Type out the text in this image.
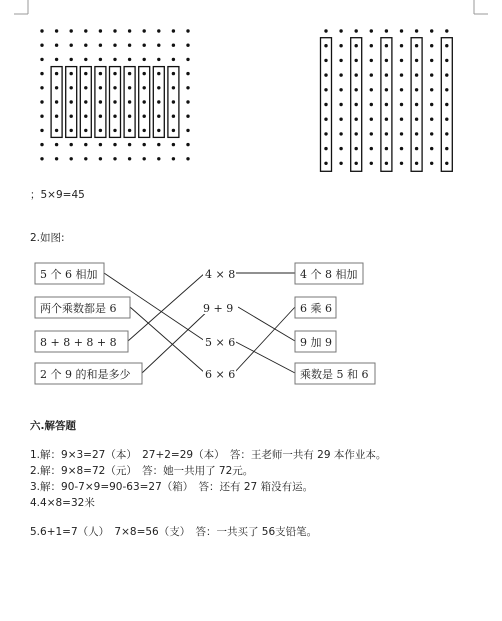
；5×9=45
2.如图:
5 个 6 相加
两个乘数都是 6
8 + 8 + 8 + 8
2 个 9 的和是多少
4 × 8
9 + 9
5 × 6
6 × 6
4 个 8 相加
6 乘 6
9 加 9
乘数是 5 和 6
六.解答题
1.解：9×3=27（本）　27+2=29（本）　答：王老师一共有 29 本作业本。
2.解：9×8=72（元）　答：她一共用了 72元。
3.解：90-7×9=90-63=27（箱）　答：还有 27 箱没有运。
4.4×8=32米
5.6+1=7（人）　7×8=56（支）　答：一共买了 56支铅笔。
